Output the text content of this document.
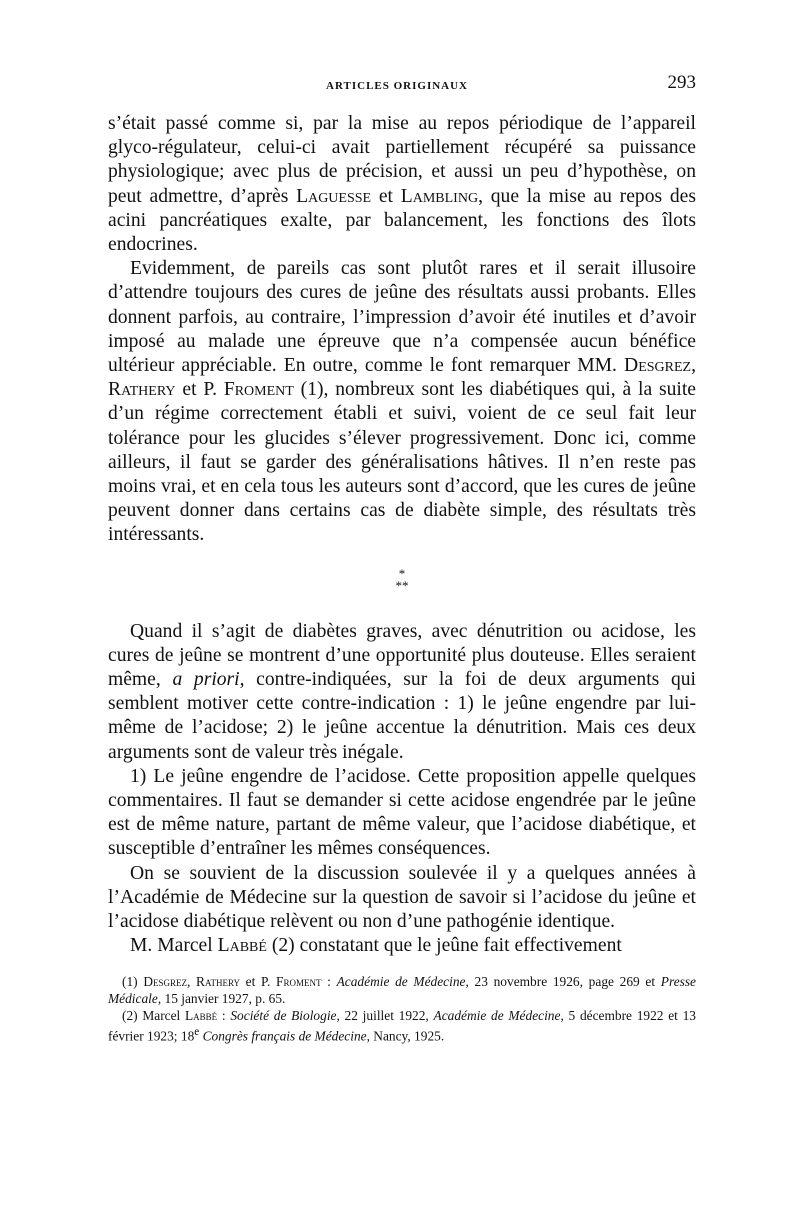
ARTICLES ORIGINAUX	293

s’était passé comme si, par la mise au repos périodique de l’appareil glyco-régulateur, celui-ci avait partiellement récupéré sa puissance physiologique; avec plus de précision, et aussi un peu d’hypothèse, on peut admettre, d’après Laguesse et Lambling, que la mise au repos des acini pancréatiques exalte, par balancement, les fonctions des îlots endocrines.

Evidemment, de pareils cas sont plutôt rares et il serait illusoire d’attendre toujours des cures de jeûne des résultats aussi probants. Elles donnent parfois, au contraire, l’impression d’avoir été inutiles et d’avoir imposé au malade une épreuve que n’a compensée aucun bénéfice ultérieur appréciable. En outre, comme le font remarquer MM. Desgrez, Rathery et P. Froment (1), nombreux sont les diabétiques qui, à la suite d’un régime correctement établi et suivi, voient de ce seul fait leur tolérance pour les glucides s’élever progressivement. Donc ici, comme ailleurs, il faut se garder des généralisations hâtives. Il n’en reste pas moins vrai, et en cela tous les auteurs sont d’accord, que les cures de jeûne peuvent donner dans certains cas de diabète simple, des résultats très intéressants.

*
**

Quand il s’agit de diabètes graves, avec dénutrition ou acidose, les cures de jeûne se montrent d’une opportunité plus douteuse. Elles seraient même, a priori, contre-indiquées, sur la foi de deux arguments qui semblent motiver cette contre-indication : 1) le jeûne engendre par lui-même de l’acidose; 2) le jeûne accentue la dénutrition. Mais ces deux arguments sont de valeur très inégale.

1) Le jeûne engendre de l’acidose. Cette proposition appelle quelques commentaires. Il faut se demander si cette acidose engendrée par le jeûne est de même nature, partant de même valeur, que l’acidose diabétique, et susceptible d’entraîner les mêmes conséquences.

On se souvient de la discussion soulevée il y a quelques années à l’Académie de Médecine sur la question de savoir si l’acidose du jeûne et l’acidose diabétique relèvent ou non d’une pathogénie identique.

M. Marcel Labbé (2) constatant que le jeûne fait effectivement

(1) Desgrez, Rathery et P. Froment : Académie de Médecine, 23 novembre 1926, page 269 et Presse Médicale, 15 janvier 1927, p. 65.

(2) Marcel Labbé : Société de Biologie, 22 juillet 1922, Académie de Médecine, 5 décembre 1922 et 13 février 1923; 18e Congrès français de Médecine, Nancy, 1925.
